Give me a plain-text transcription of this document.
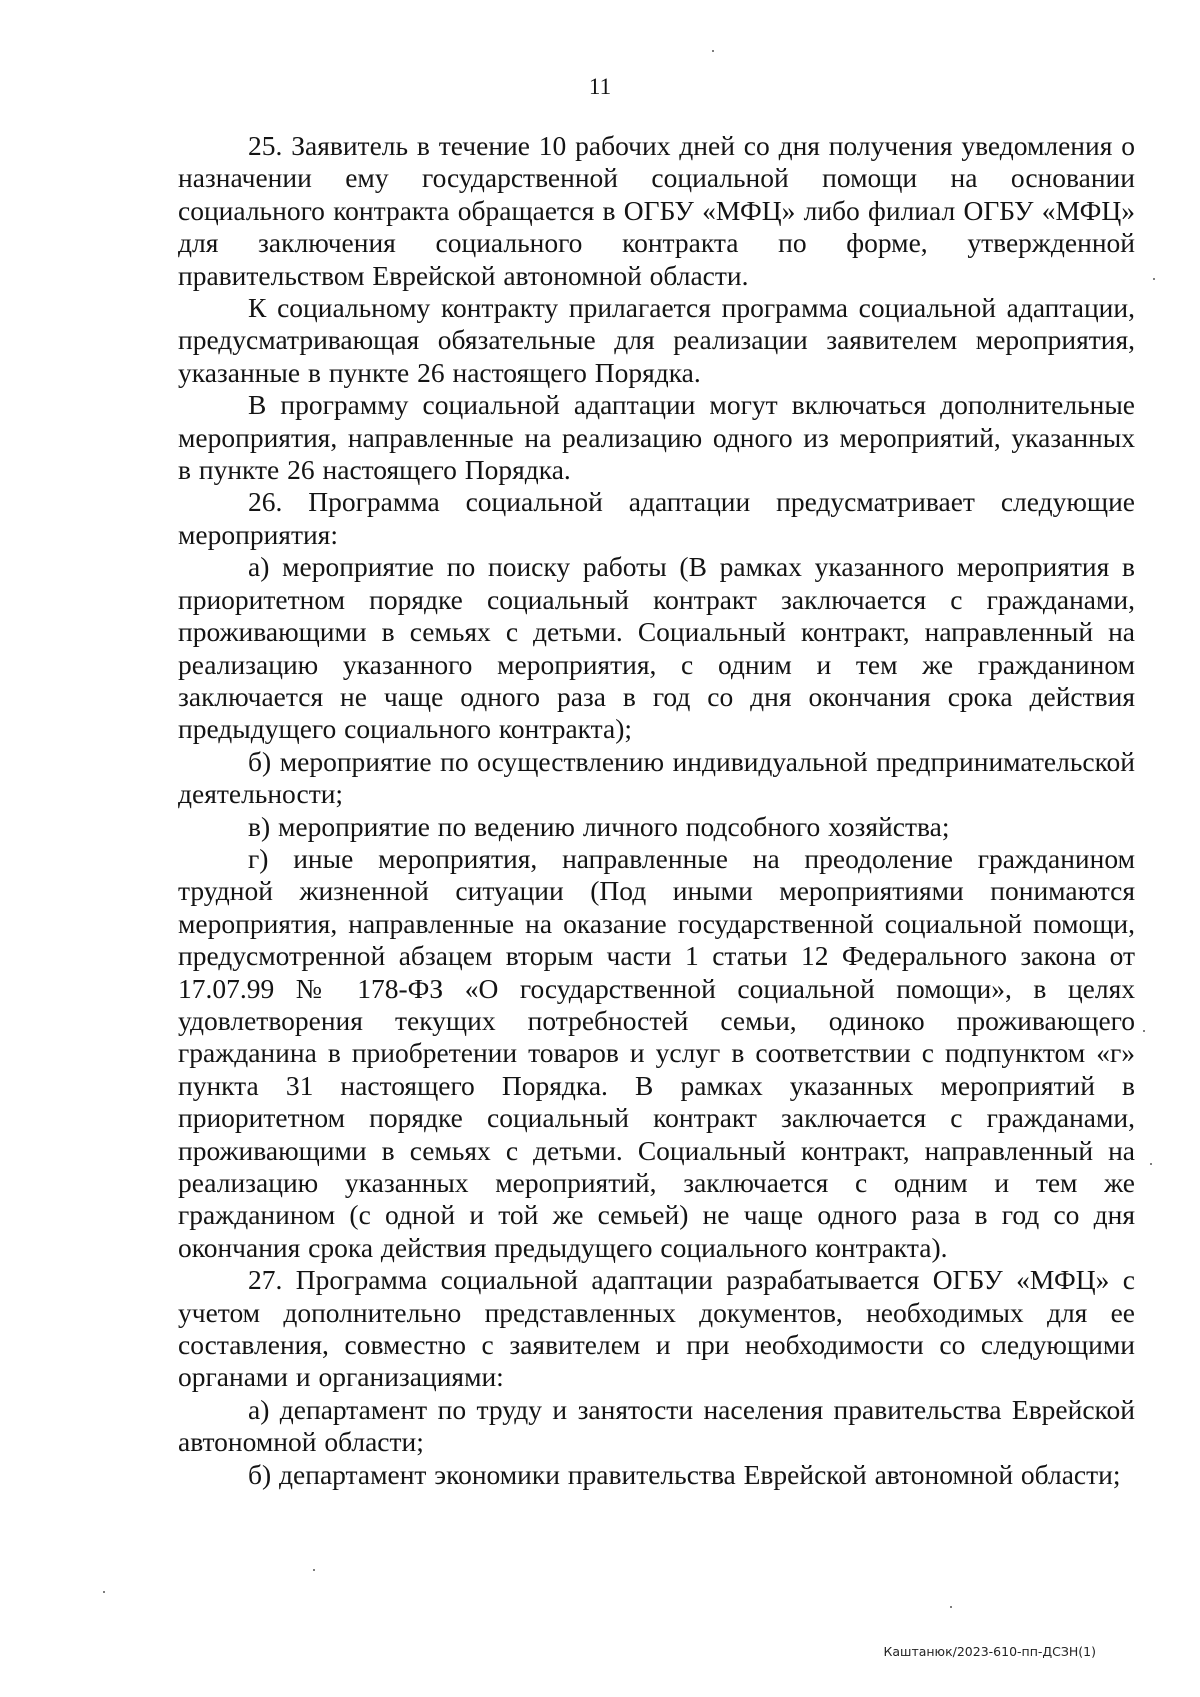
11

25. Заявитель в течение 10 рабочих дней со дня получения уведомления о назначении ему государственной социальной помощи на основании социального контракта обращается в ОГБУ «МФЦ» либо филиал ОГБУ «МФЦ» для заключения социального контракта по форме, утвержденной правительством Еврейской автономной области.

К социальному контракту прилагается программа социальной адаптации, предусматривающая обязательные для реализации заявителем мероприятия, указанные в пункте 26 настоящего Порядка.

В программу социальной адаптации могут включаться дополнительные мероприятия, направленные на реализацию одного из мероприятий, указанных в пункте 26 настоящего Порядка.

26. Программа социальной адаптации предусматривает следующие мероприятия:

а) мероприятие по поиску работы (В рамках указанного мероприятия в приоритетном порядке социальный контракт заключается с гражданами, проживающими в семьях с детьми. Социальный контракт, направленный на реализацию указанного мероприятия, с одним и тем же гражданином заключается не чаще одного раза в год со дня окончания срока действия предыдущего социального контракта);

б) мероприятие по осуществлению индивидуальной предпринимательской деятельности;

в) мероприятие по ведению личного подсобного хозяйства;

г) иные мероприятия, направленные на преодоление гражданином трудной жизненной ситуации (Под иными мероприятиями понимаются мероприятия, направленные на оказание государственной социальной помощи, предусмотренной абзацем вторым части 1 статьи 12 Федерального закона от 17.07.99 № 178-ФЗ «О государственной социальной помощи», в целях удовлетворения текущих потребностей семьи, одиноко проживающего гражданина в приобретении товаров и услуг в соответствии с подпунктом «г» пункта 31 настоящего Порядка. В рамках указанных мероприятий в приоритетном порядке социальный контракт заключается с гражданами, проживающими в семьях с детьми. Социальный контракт, направленный на реализацию указанных мероприятий, заключается с одним и тем же гражданином (с одной и той же семьей) не чаще одного раза в год со дня окончания срока действия предыдущего социального контракта).

27. Программа социальной адаптации разрабатывается ОГБУ «МФЦ» с учетом дополнительно представленных документов, необходимых для ее составления, совместно с заявителем и при необходимости со следующими органами и организациями:

а) департамент по труду и занятости населения правительства Еврейской автономной области;

б) департамент экономики правительства Еврейской автономной области;

Каштанюк/2023-610-пп-ДСЗН(1)
